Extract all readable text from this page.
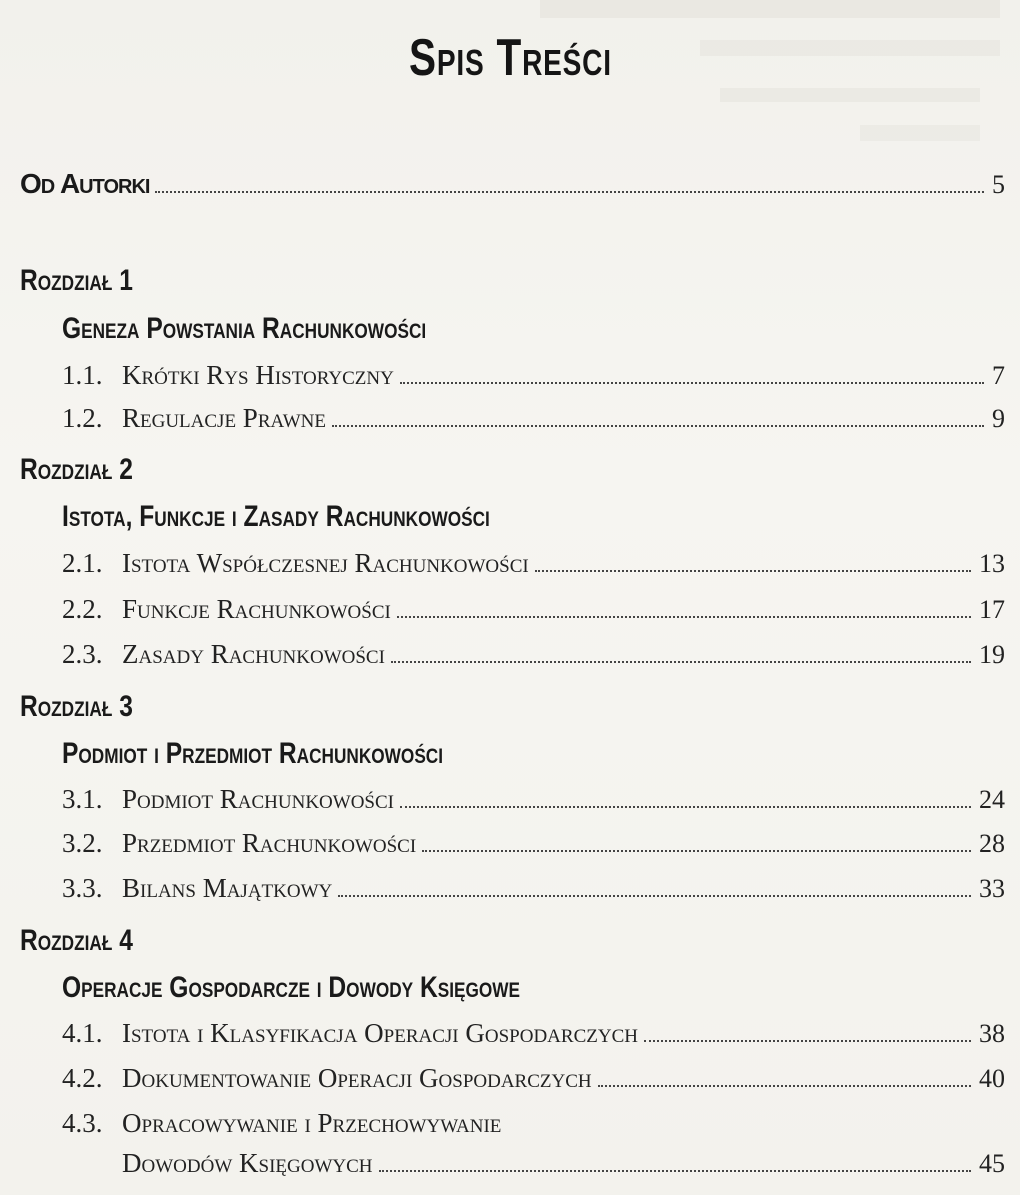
Spis Treści
Od Autorki	5
Rozdział 1
Geneza Powstania Rachunkowości
1.1. Krótki Rys Historyczny	7
1.2. Regulacje Prawne	9
Rozdział 2
Istota, Funkcje i Zasady Rachunkowości
2.1. Istota Współczesnej Rachunkowości	13
2.2. Funkcje Rachunkowości	17
2.3. Zasady Rachunkowości	19
Rozdział 3
Podmiot i Przedmiot Rachunkowości
3.1. Podmiot Rachunkowości	24
3.2. Przedmiot Rachunkowości	28
3.3. Bilans Majątkowy	33
Rozdział 4
Operacje Gospodarcze i Dowody Księgowe
4.1. Istota i Klasyfikacja Operacji Gospodarczych	38
4.2. Dokumentowanie Operacji Gospodarczych	40
4.3. Opracowywanie i Przechowywanie
Dowodów Księgowych	45
